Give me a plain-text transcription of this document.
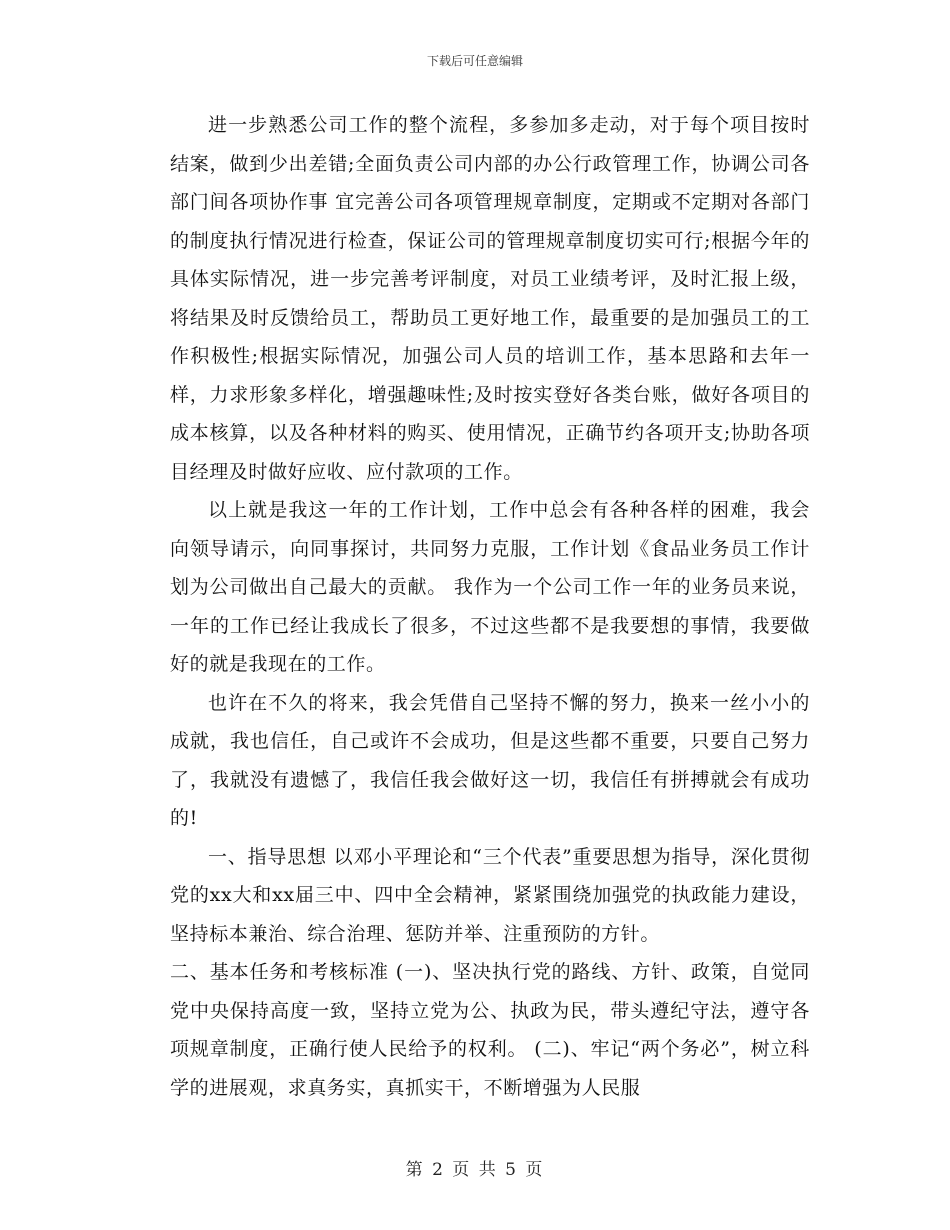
下载后可任意编辑

进一步熟悉公司工作的整个流程，多参加多走动，对于每个项目按时结案，做到少出差错;全面负责公司内部的办公行政管理工作，协调公司各部门间各项协作事 宜完善公司各项管理规章制度，定期或不定期对各部门的制度执行情况进行检查，保证公司的管理规章制度切实可行;根据今年的具体实际情况，进一步完善考评制度，对员工业绩考评，及时汇报上级，将结果及时反馈给员工，帮助员工更好地工作，最重要的是加强员工的工作积极性;根据实际情况，加强公司人员的培训工作，基本思路和去年一样，力求形象多样化，增强趣味性;及时按实登好各类台账，做好各项目的成本核算，以及各种材料的购买、使用情况，正确节约各项开支;协助各项目经理及时做好应收、应付款项的工作。

以上就是我这一年的工作计划，工作中总会有各种各样的困难，我会向领导请示，向同事探讨，共同努力克服，工作计划《食品业务员工作计划为公司做出自己最大的贡献。 我作为一个公司工作一年的业务员来说，一年的工作已经让我成长了很多，不过这些都不是我要想的事情，我要做好的就是我现在的工作。

也许在不久的将来，我会凭借自己坚持不懈的努力，换来一丝小小的成就，我也信任，自己或许不会成功，但是这些都不重要，只要自己努力了，我就没有遗憾了，我信任我会做好这一切，我信任有拼搏就会有成功的!

一、指导思想 以邓小平理论和“三个代表”重要思想为指导，深化贯彻党的xx大和xx届三中、四中全会精神，紧紧围绕加强党的执政能力建设，坚持标本兼治、综合治理、惩防并举、注重预防的方针。

二、基本任务和考核标准 (一)、坚决执行党的路线、方针、政策，自觉同党中央保持高度一致，坚持立党为公、执政为民，带头遵纪守法，遵守各项规章制度，正确行使人民给予的权利。 (二)、牢记“两个务必”，树立科学的进展观，求真务实，真抓实干，不断增强为人民服

第 2 页 共 5 页
